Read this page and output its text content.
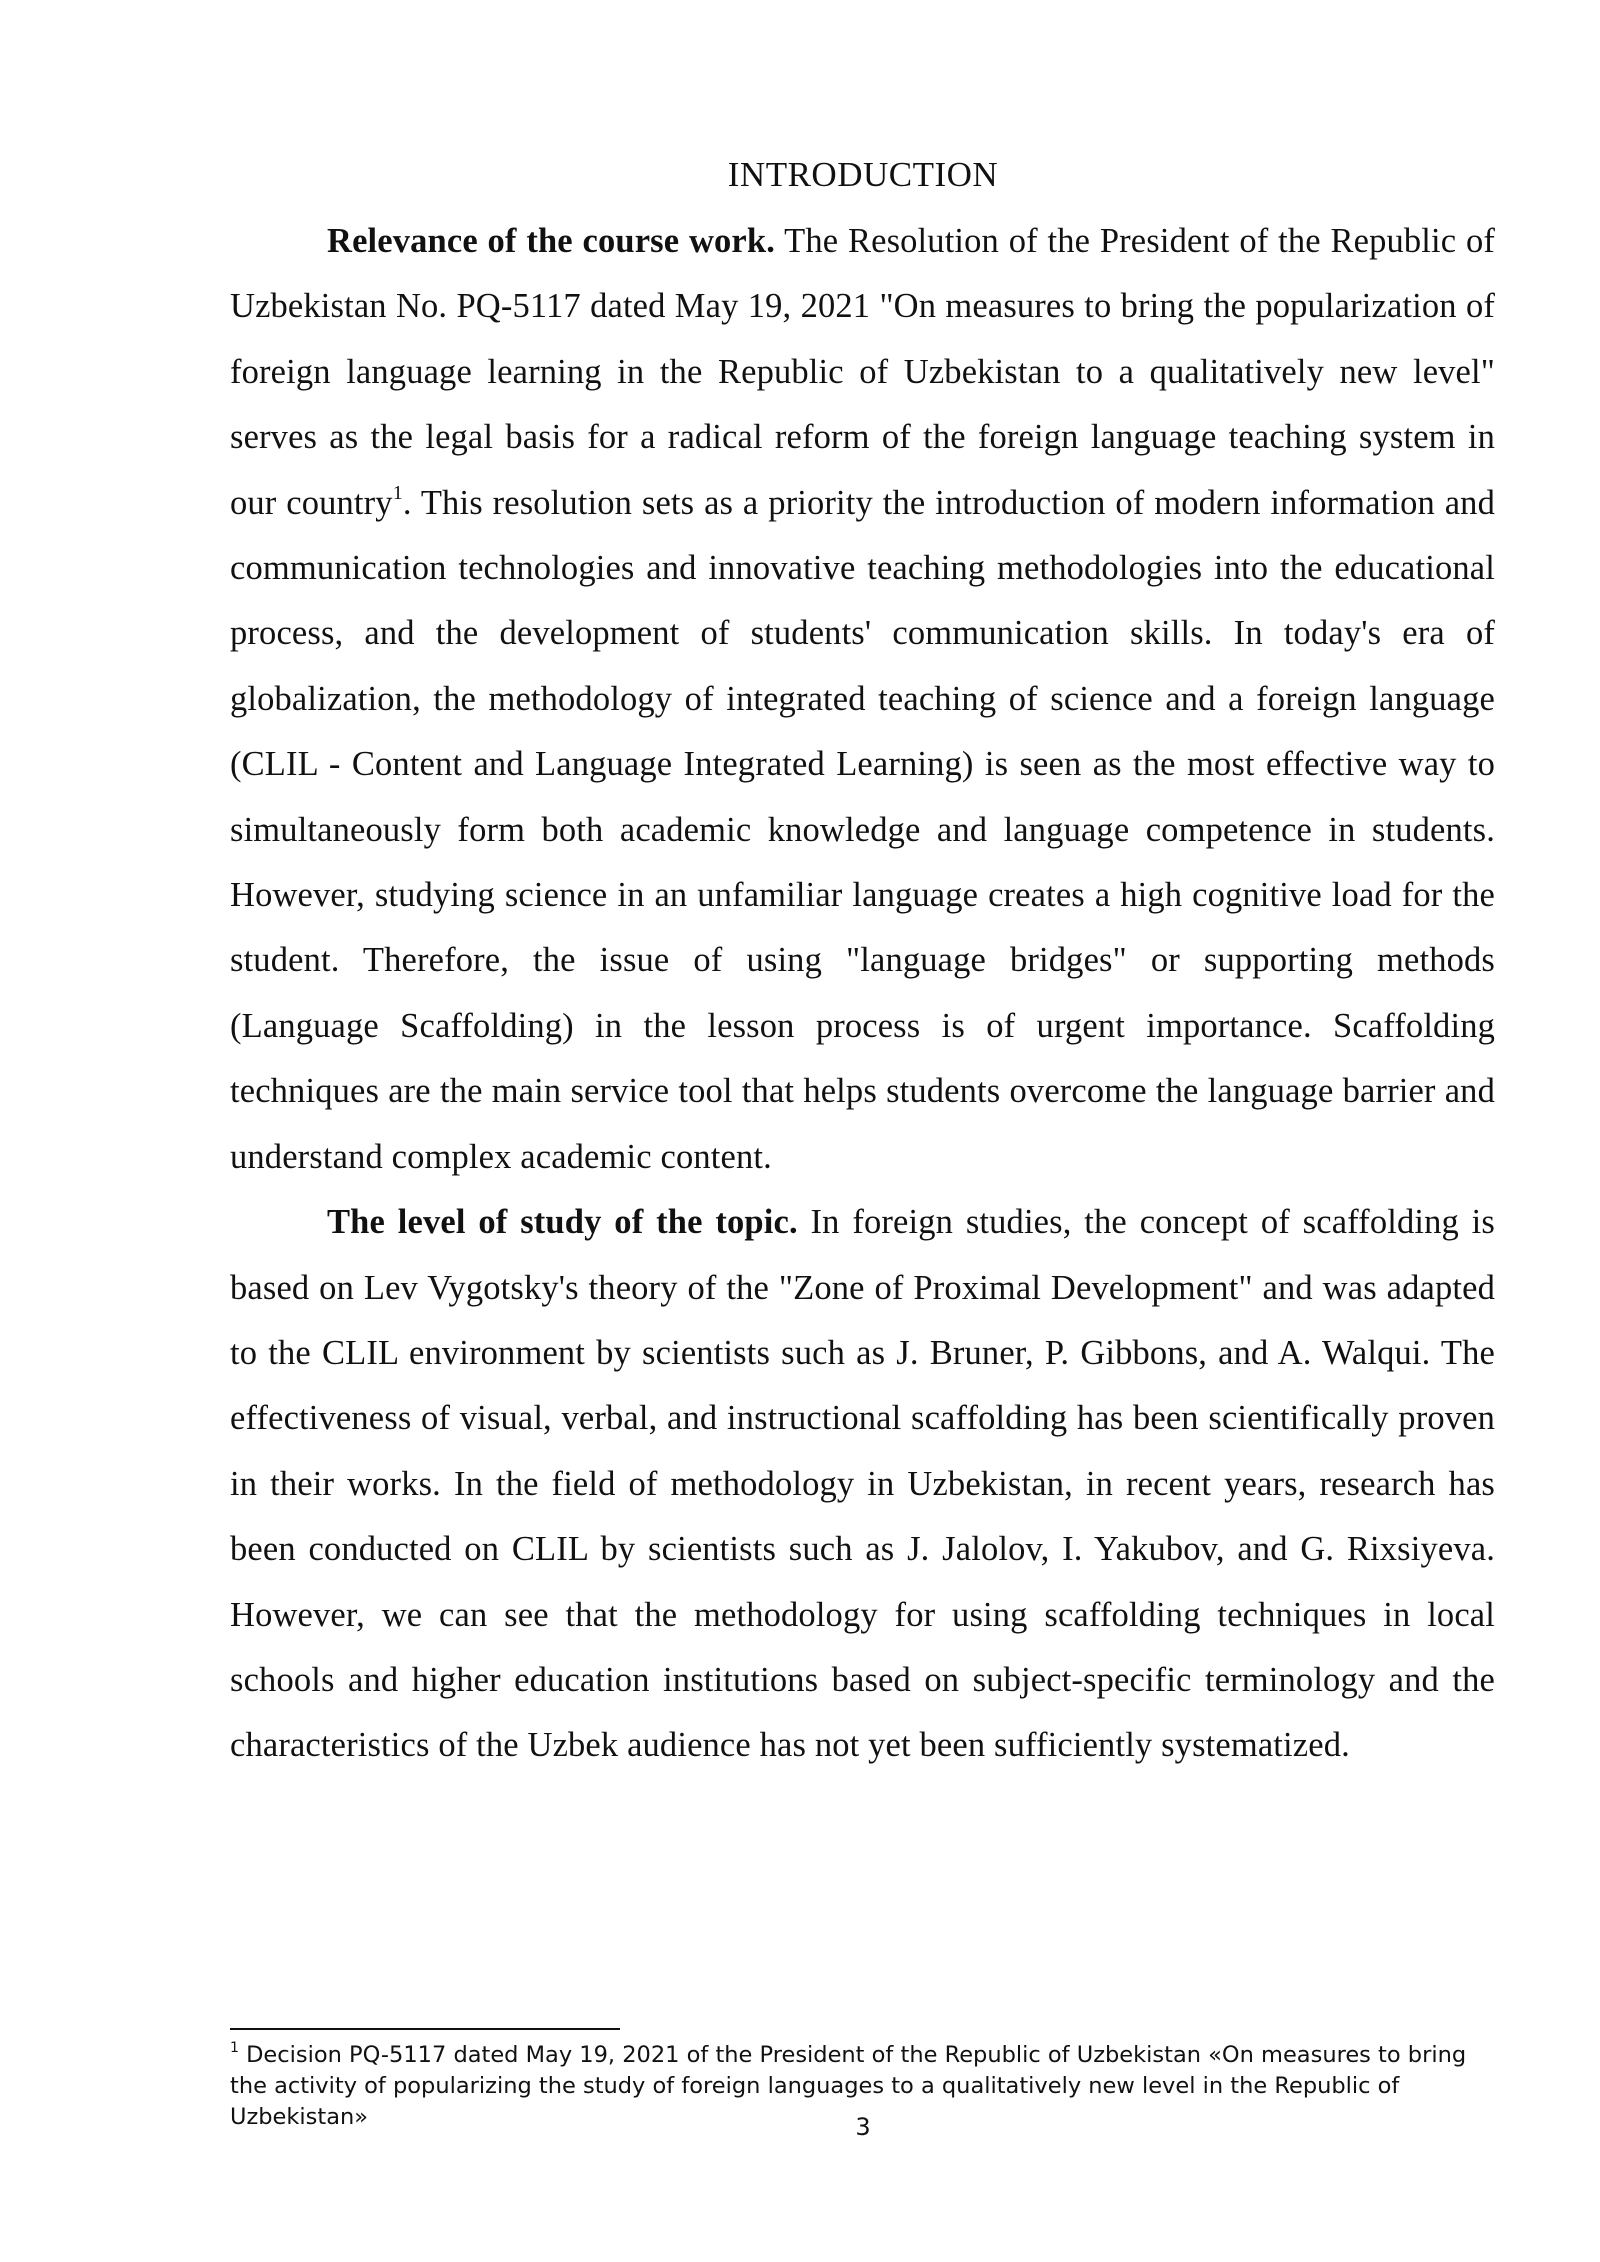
INTRODUCTION

Relevance of the course work. The Resolution of the President of the Republic of Uzbekistan No. PQ-5117 dated May 19, 2021 "On measures to bring the popularization of foreign language learning in the Republic of Uzbekistan to a qualitatively new level" serves as the legal basis for a radical reform of the foreign language teaching system in our country$^1$. This resolution sets as a priority the introduction of modern information and communication technologies and innovative teaching methodologies into the educational process, and the development of students' communication skills. In today's era of globalization, the methodology of integrated teaching of science and a foreign language (CLIL - Content and Language Integrated Learning) is seen as the most effective way to simultaneously form both academic knowledge and language competence in students. However, studying science in an unfamiliar language creates a high cognitive load for the student. Therefore, the issue of using "language bridges" or supporting methods (Language Scaffolding) in the lesson process is of urgent importance. Scaffolding techniques are the main service tool that helps students overcome the language barrier and understand complex academic content.

The level of study of the topic. In foreign studies, the concept of scaffolding is based on Lev Vygotsky's theory of the "Zone of Proximal Development" and was adapted to the CLIL environment by scientists such as J. Bruner, P. Gibbons, and A. Walqui. The effectiveness of visual, verbal, and instructional scaffolding has been scientifically proven in their works. In the field of methodology in Uzbekistan, in recent years, research has been conducted on CLIL by scientists such as J. Jalolov, I. Yakubov, and G. Rixsiyeva. However, we can see that the methodology for using scaffolding techniques in local schools and higher education institutions based on subject-specific terminology and the characteristics of the Uzbek audience has not yet been sufficiently systematized.

$^1$ Decision PQ-5117 dated May 19, 2021 of the President of the Republic of Uzbekistan «On measures to bring the activity of popularizing the study of foreign languages to a qualitatively new level in the Republic of Uzbekistan»	3
